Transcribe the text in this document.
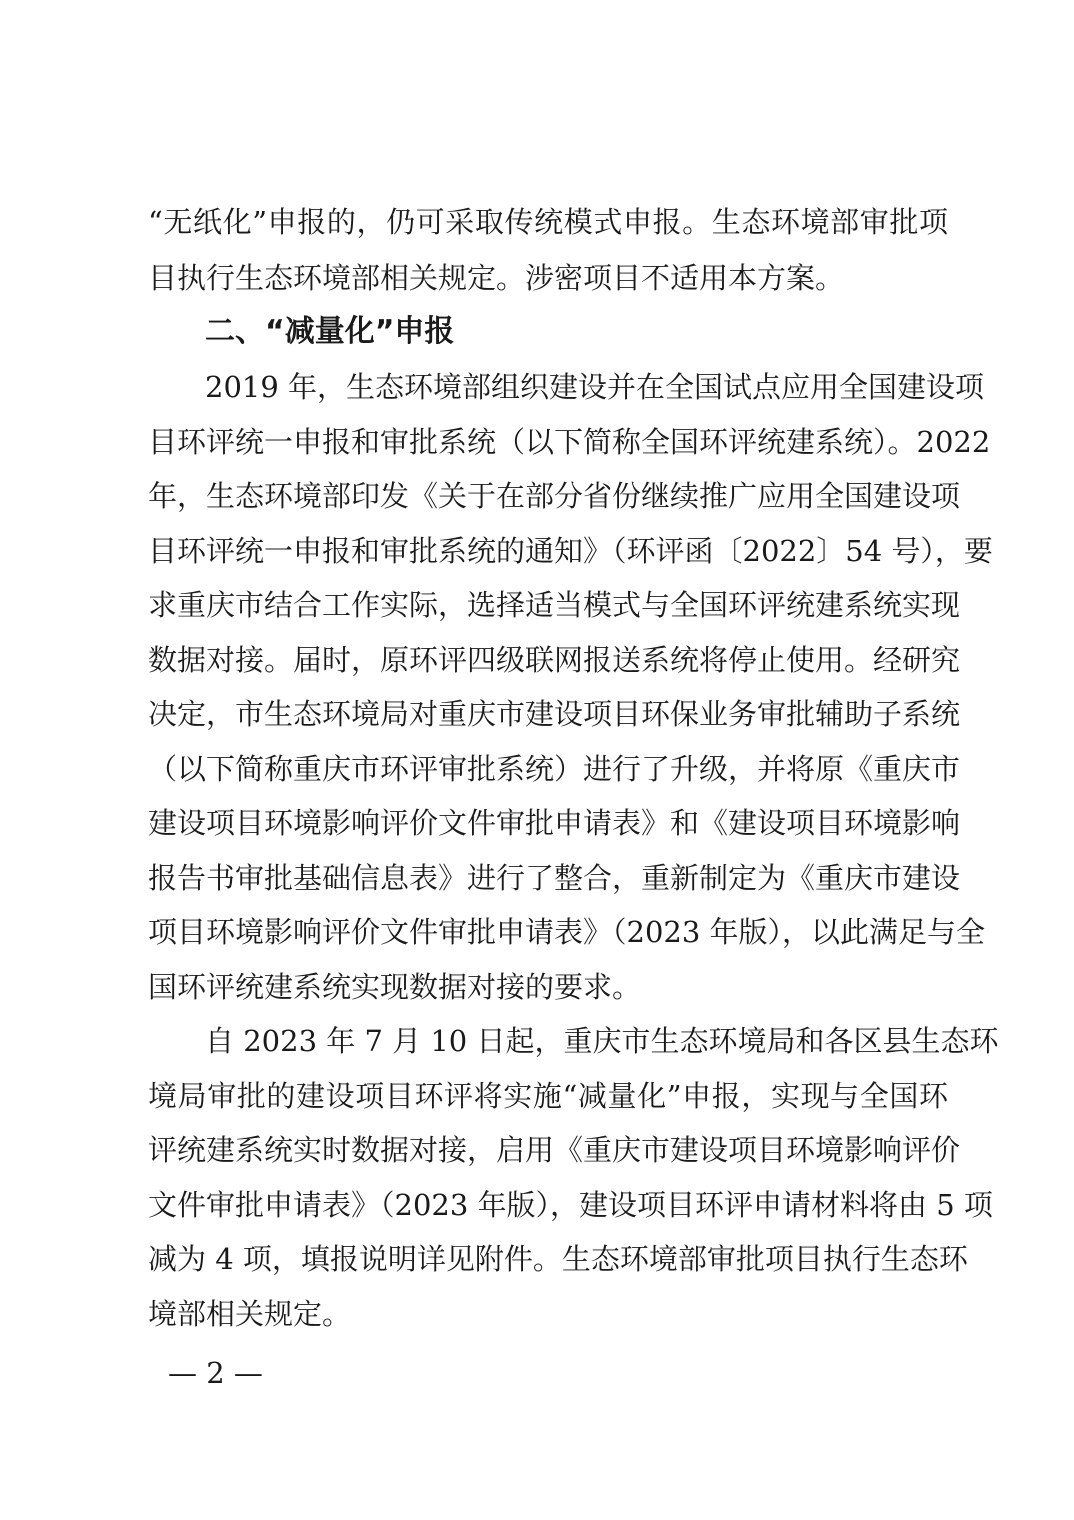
“无纸化”申报的，仍可采取传统模式申报。生态环境部审批项
目执行生态环境部相关规定。涉密项目不适用本方案。
二、“减量化”申报
2019 年，生态环境部组织建设并在全国试点应用全国建设项
目环评统一申报和审批系统（以下简称全国环评统建系统）。2022
年，生态环境部印发《关于在部分省份继续推广应用全国建设项
目环评统一申报和审批系统的通知》（环评函〔2022〕54 号），要
求重庆市结合工作实际，选择适当模式与全国环评统建系统实现
数据对接。届时，原环评四级联网报送系统将停止使用。经研究
决定，市生态环境局对重庆市建设项目环保业务审批辅助子系统
（以下简称重庆市环评审批系统）进行了升级，并将原《重庆市
建设项目环境影响评价文件审批申请表》和《建设项目环境影响
报告书审批基础信息表》进行了整合，重新制定为《重庆市建设
项目环境影响评价文件审批申请表》（2023 年版），以此满足与全
国环评统建系统实现数据对接的要求。
自 2023 年 7 月 10 日起，重庆市生态环境局和各区县生态环
境局审批的建设项目环评将实施“减量化”申报，实现与全国环
评统建系统实时数据对接，启用《重庆市建设项目环境影响评价
文件审批申请表》（2023 年版），建设项目环评申请材料将由 5 项
减为 4 项，填报说明详见附件。生态环境部审批项目执行生态环
境部相关规定。
— 2 —
